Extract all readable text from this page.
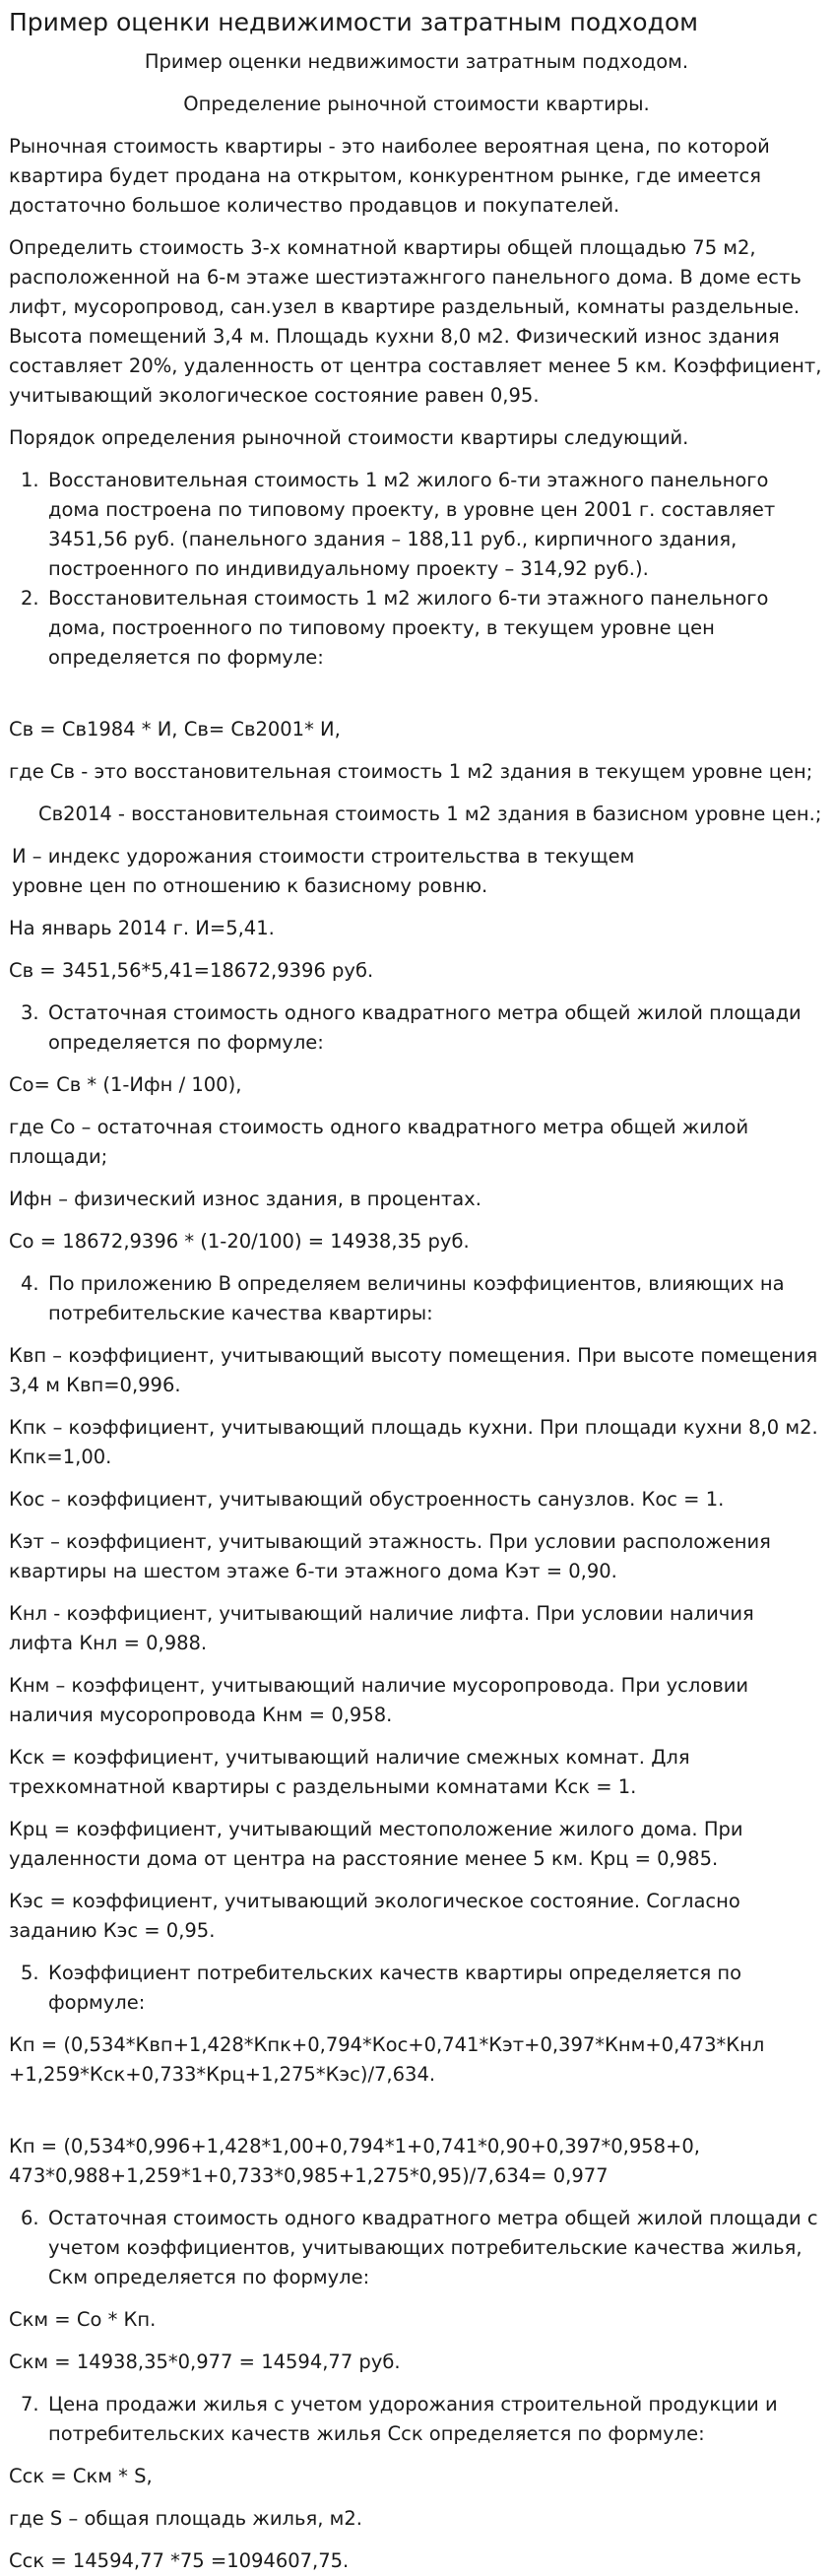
Пример оценки недвижимости затратным подходом

Пример оценки недвижимости затратным подходом.

Определение рыночной стоимости квартиры.

Рыночная стоимость квартиры - это наиболее вероятная цена, по которой квартира будет продана на открытом, конкурентном рынке, где имеется достаточно большое количество продавцов и покупателей.

Определить стоимость 3-х комнатной квартиры общей площадью 75 м2, расположенной на 6-м этаже шестиэтажнгого панельного дома. В доме есть лифт, мусоропровод, сан.узел в квартире раздельный, комнаты раздельные. Высота помещений 3,4 м. Площадь кухни 8,0 м2. Физический износ здания составляет 20%, удаленность от центра составляет менее 5 км. Коэффициент, учитывающий экологическое состояние равен 0,95.

Порядок определения рыночной стоимости квартиры следующий.

1. Восстановительная стоимость 1 м2 жилого 6-ти этажного панельного дома построена по типовому проекту, в уровне цен 2001 г. составляет 3451,56 руб. (панельного здания – 188,11 руб., кирпичного здания, построенного по индивидуальному проекту – 314,92 руб.).
2. Восстановительная стоимость 1 м2 жилого 6-ти этажного панельного дома, построенного по типовому проекту, в текущем уровне цен определяется по формуле:

Св = Св1984 * И, Св= Св2001* И,

где Св - это восстановительная стоимость 1 м2 здания в текущем уровне цен;

Св2014 - восстановительная стоимость 1 м2 здания в базисном уровне цен.;

И – индекс удорожания стоимости строительства в текущем уровне цен по отношению к базисному ровню.

На январь 2014 г. И=5,41.

Св = 3451,56*5,41=18672,9396 руб.

3. Остаточная стоимость одного квадратного метра общей жилой площади определяется по формуле:

Со= Св * (1-Ифн / 100),

где Со – остаточная стоимость одного квадратного метра общей жилой площади;

Ифн – физический износ здания, в процентах.

Со = 18672,9396 * (1-20/100) = 14938,35 руб.

4. По приложению В определяем величины коэффициентов, влияющих на потребительские качества квартиры:

Квп – коэффициент, учитывающий высоту помещения. При высоте помещения 3,4 м Квп=0,996.

Кпк – коэффициент, учитывающий площадь кухни. При площади кухни 8,0 м2. Кпк=1,00.

Кос – коэффициент, учитывающий обустроенность санузлов. Кос = 1.

Кэт – коэффициент, учитывающий этажность. При условии расположения квартиры на шестом этаже 6-ти этажного дома Кэт = 0,90.

Кнл - коэффициент, учитывающий наличие лифта. При условии наличия лифта Кнл = 0,988.

Кнм – коэффицент, учитывающий наличие мусоропровода. При условии наличия мусоропровода Кнм = 0,958.

Кск = коэффициент, учитывающий наличие смежных комнат. Для трехкомнатной квартиры с раздельными комнатами Кск = 1.

Крц = коэффициент, учитывающий местоположение жилого дома. При удаленности дома от центра на расстояние менее 5 км. Крц = 0,985.

Кэс = коэффициент, учитывающий экологическое состояние. Согласно заданию Кэс = 0,95.

5. Коэффициент потребительских качеств квартиры определяется по формуле:

Кп = (0,534*Квп+1,428*Кпк+0,794*Кос+0,741*Кэт+0,397*Кнм+0,473*Кнл +1,259*Кск+0,733*Крц+1,275*Кэс)/7,634.

Кп = (0,534*0,996+1,428*1,00+0,794*1+0,741*0,90+0,397*0,958+0, 473*0,988+1,259*1+0,733*0,985+1,275*0,95)/7,634= 0,977

6. Остаточная стоимость одного квадратного метра общей жилой площади с учетом коэффициентов, учитывающих потребительские качества жилья, Скм определяется по формуле:

Скм = Со * Кп.

Скм = 14938,35*0,977 = 14594,77 руб.

7. Цена продажи жилья с учетом удорожания строительной продукции и потребительских качеств жилья Сск определяется по формуле:

Сск = Скм * S,

где S – общая площадь жилья, м2.

Сск = 14594,77 *75 =1094607,75.
